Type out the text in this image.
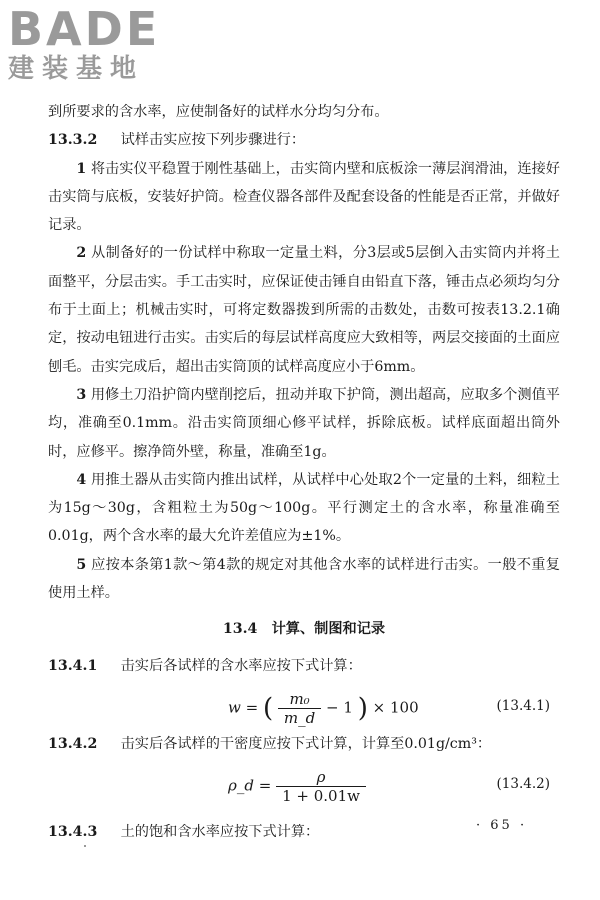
BADE
建装基地

到所要求的含水率，应使制备好的试样水分均匀分布。

13.3.2 　 试样击实应按下列步骤进行：

1 将击实仪平稳置于刚性基础上，击实筒内壁和底板涂一薄层润滑油，连接好击实筒与底板，安装好护筒。检查仪器各部件及配套设备的性能是否正常，并做好记录。

2 从制备好的一份试样中称取一定量土料，分3层或5层倒入击实筒内并将土面整平，分层击实。手工击实时，应保证使击锤自由铅直下落，锤击点必须均匀分布于土面上；机械击实时，可将定数器拨到所需的击数处，击数可按表13.2.1确定，按动电钮进行击实。击实后的每层试样高度应大致相等，两层交接面的土面应刨毛。击实完成后，超出击实筒顶的试样高度应小于6mm。

3 用修土刀沿护筒内壁削挖后，扭动并取下护筒，测出超高，应取多个测值平均，准确至0.1mm。沿击实筒顶细心修平试样，拆除底板。试样底面超出筒外时，应修平。擦净筒外壁，称量，准确至1g。

4 用推土器从击实筒内推出试样，从试样中心处取2个一定量的土料，细粒土为15g～30g，含粗粒土为50g～100g。平行测定土的含水率，称量准确至0.01g，两个含水率的最大允许差值应为±1%。

5 应按本条第1款～第4款的规定对其他含水率的试样进行击实。一般不重复使用土样。

13.4　计算、制图和记录

13.4.1 　 击实后各试样的含水率应按下式计算：

w = ( $\frac{\text{m₀}}{m\_d} - 1$ ) × 100	(13.4.1)

13.4.2 　 击实后各试样的干密度应按下式计算，计算至0.01g/cm³：

ρ_d = $\frac{\rho}{1 + 0.01w}$	(13.4.2)

13.4.3 　 土的饱和含水率应按下式计算：	· 65 ·
